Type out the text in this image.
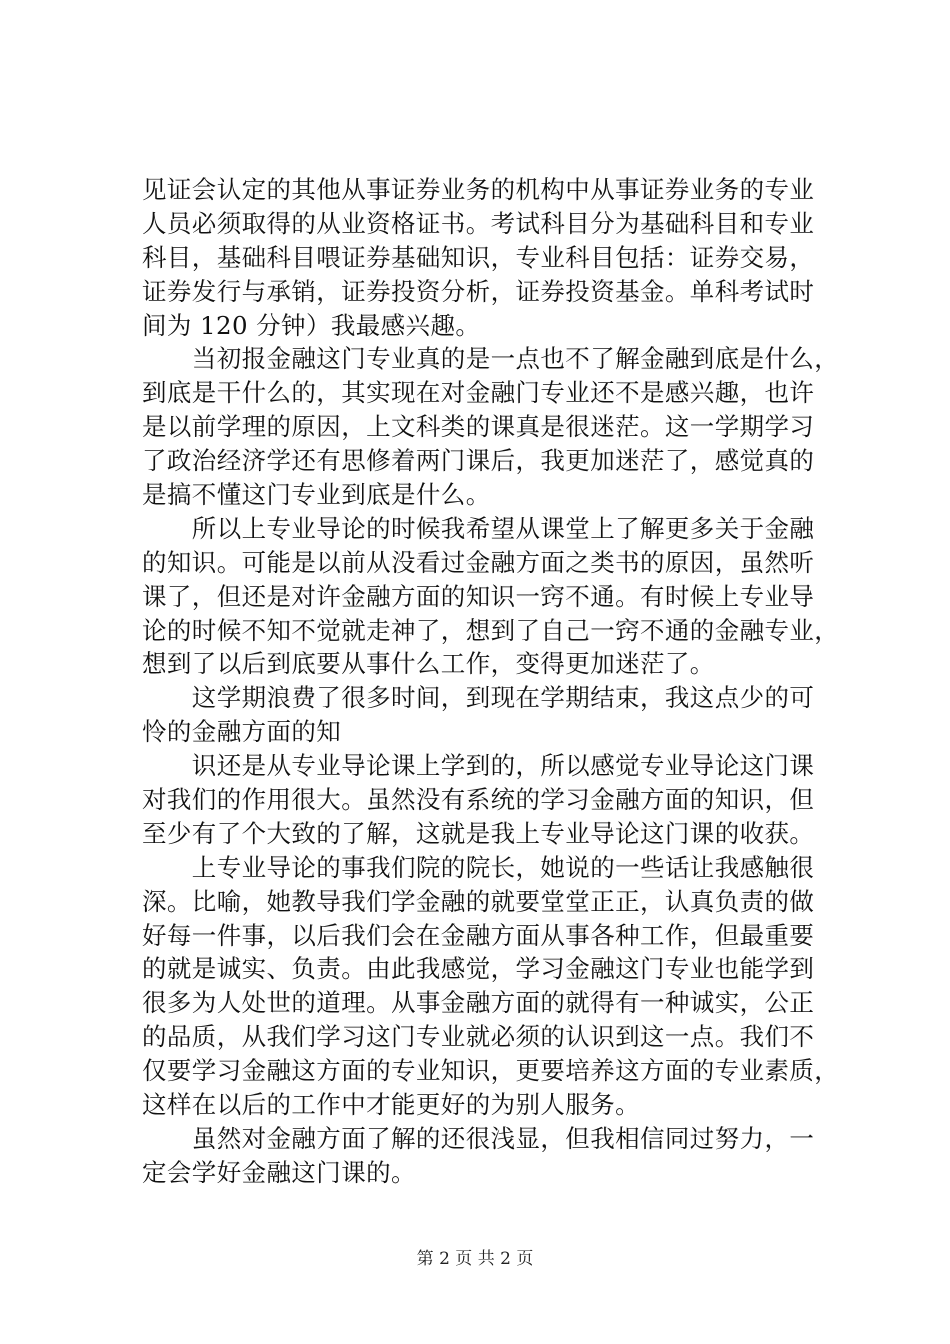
见证会认定的其他从事证券业务的机构中从事证券业务的专业
人员必须取得的从业资格证书。考试科目分为基础科目和专业
科目，基础科目喂证券基础知识，专业科目包括：证券交易，
证券发行与承销，证券投资分析，证券投资基金。单科考试时
间为 120 分钟）我最感兴趣。
　　当初报金融这门专业真的是一点也不了解金融到底是什么，
到底是干什么的，其实现在对金融门专业还不是感兴趣，也许
是以前学理的原因，上文科类的课真是很迷茫。这一学期学习
了政治经济学还有思修着两门课后，我更加迷茫了，感觉真的
是搞不懂这门专业到底是什么。
　　所以上专业导论的时候我希望从课堂上了解更多关于金融
的知识。可能是以前从没看过金融方面之类书的原因，虽然听
课了，但还是对许金融方面的知识一窍不通。有时候上专业导
论的时候不知不觉就走神了，想到了自己一窍不通的金融专业，
想到了以后到底要从事什么工作，变得更加迷茫了。
　　这学期浪费了很多时间，到现在学期结束，我这点少的可
怜的金融方面的知
　　识还是从专业导论课上学到的，所以感觉专业导论这门课
对我们的作用很大。虽然没有系统的学习金融方面的知识，但
至少有了个大致的了解，这就是我上专业导论这门课的收获。
　　上专业导论的事我们院的院长，她说的一些话让我感触很
深。比喻，她教导我们学金融的就要堂堂正正，认真负责的做
好每一件事，以后我们会在金融方面从事各种工作，但最重要
的就是诚实、负责。由此我感觉，学习金融这门专业也能学到
很多为人处世的道理。从事金融方面的就得有一种诚实，公正
的品质，从我们学习这门专业就必须的认识到这一点。我们不
仅要学习金融这方面的专业知识，更要培养这方面的专业素质，
这样在以后的工作中才能更好的为别人服务。
　　虽然对金融方面了解的还很浅显，但我相信同过努力，一
定会学好金融这门课的。
第 2 页 共 2 页
